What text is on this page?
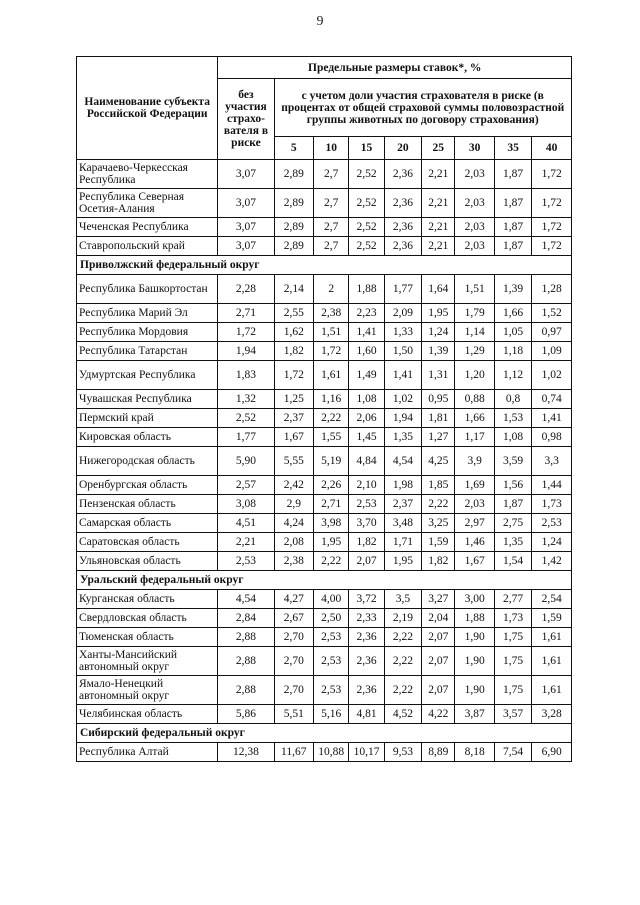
9
Наименование субъекта Российской Федерации	Предельные размеры ставок*, %								
	без участия страхо-вателя в риске	с учетом доли участия страхователя в риске (в процентах от общей страховой суммы половозрастной группы животных по договору страхования)							
		5	10	15	20	25	30	35	40
Карачаево-Черкесская Республика	3,07	2,89	2,7	2,52	2,36	2,21	2,03	1,87	1,72
Республика Северная Осетия-Алания	3,07	2,89	2,7	2,52	2,36	2,21	2,03	1,87	1,72
Чеченская Республика	3,07	2,89	2,7	2,52	2,36	2,21	2,03	1,87	1,72
Ставропольский край	3,07	2,89	2,7	2,52	2,36	2,21	2,03	1,87	1,72
Приволжский федеральный округ									
Республика Башкортостан	2,28	2,14	2	1,88	1,77	1,64	1,51	1,39	1,28
Республика Марий Эл	2,71	2,55	2,38	2,23	2,09	1,95	1,79	1,66	1,52
Республика Мордовия	1,72	1,62	1,51	1,41	1,33	1,24	1,14	1,05	0,97
Республика Татарстан	1,94	1,82	1,72	1,60	1,50	1,39	1,29	1,18	1,09
Удмуртская Республика	1,83	1,72	1,61	1,49	1,41	1,31	1,20	1,12	1,02
Чувашская Республика	1,32	1,25	1,16	1,08	1,02	0,95	0,88	0,8	0,74
Пермский край	2,52	2,37	2,22	2,06	1,94	1,81	1,66	1,53	1,41
Кировская область	1,77	1,67	1,55	1,45	1,35	1,27	1,17	1,08	0,98
Нижегородская область	5,90	5,55	5,19	4,84	4,54	4,25	3,9	3,59	3,3
Оренбургская область	2,57	2,42	2,26	2,10	1,98	1,85	1,69	1,56	1,44
Пензенская область	3,08	2,9	2,71	2,53	2,37	2,22	2,03	1,87	1,73
Самарская область	4,51	4,24	3,98	3,70	3,48	3,25	2,97	2,75	2,53
Саратовская область	2,21	2,08	1,95	1,82	1,71	1,59	1,46	1,35	1,24
Ульяновская область	2,53	2,38	2,22	2,07	1,95	1,82	1,67	1,54	1,42
Уральский федеральный округ									
Курганская область	4,54	4,27	4,00	3,72	3,5	3,27	3,00	2,77	2,54
Свердловская область	2,84	2,67	2,50	2,33	2,19	2,04	1,88	1,73	1,59
Тюменская область	2,88	2,70	2,53	2,36	2,22	2,07	1,90	1,75	1,61
Ханты-Мансийский автономный округ	2,88	2,70	2,53	2,36	2,22	2,07	1,90	1,75	1,61
Ямало-Ненецкий автономный округ	2,88	2,70	2,53	2,36	2,22	2,07	1,90	1,75	1,61
Челябинская область	5,86	5,51	5,16	4,81	4,52	4,22	3,87	3,57	3,28
Сибирский федеральный округ									
Республика Алтай	12,38	11,67	10,88	10,17	9,53	8,89	8,18	7,54	6,90
